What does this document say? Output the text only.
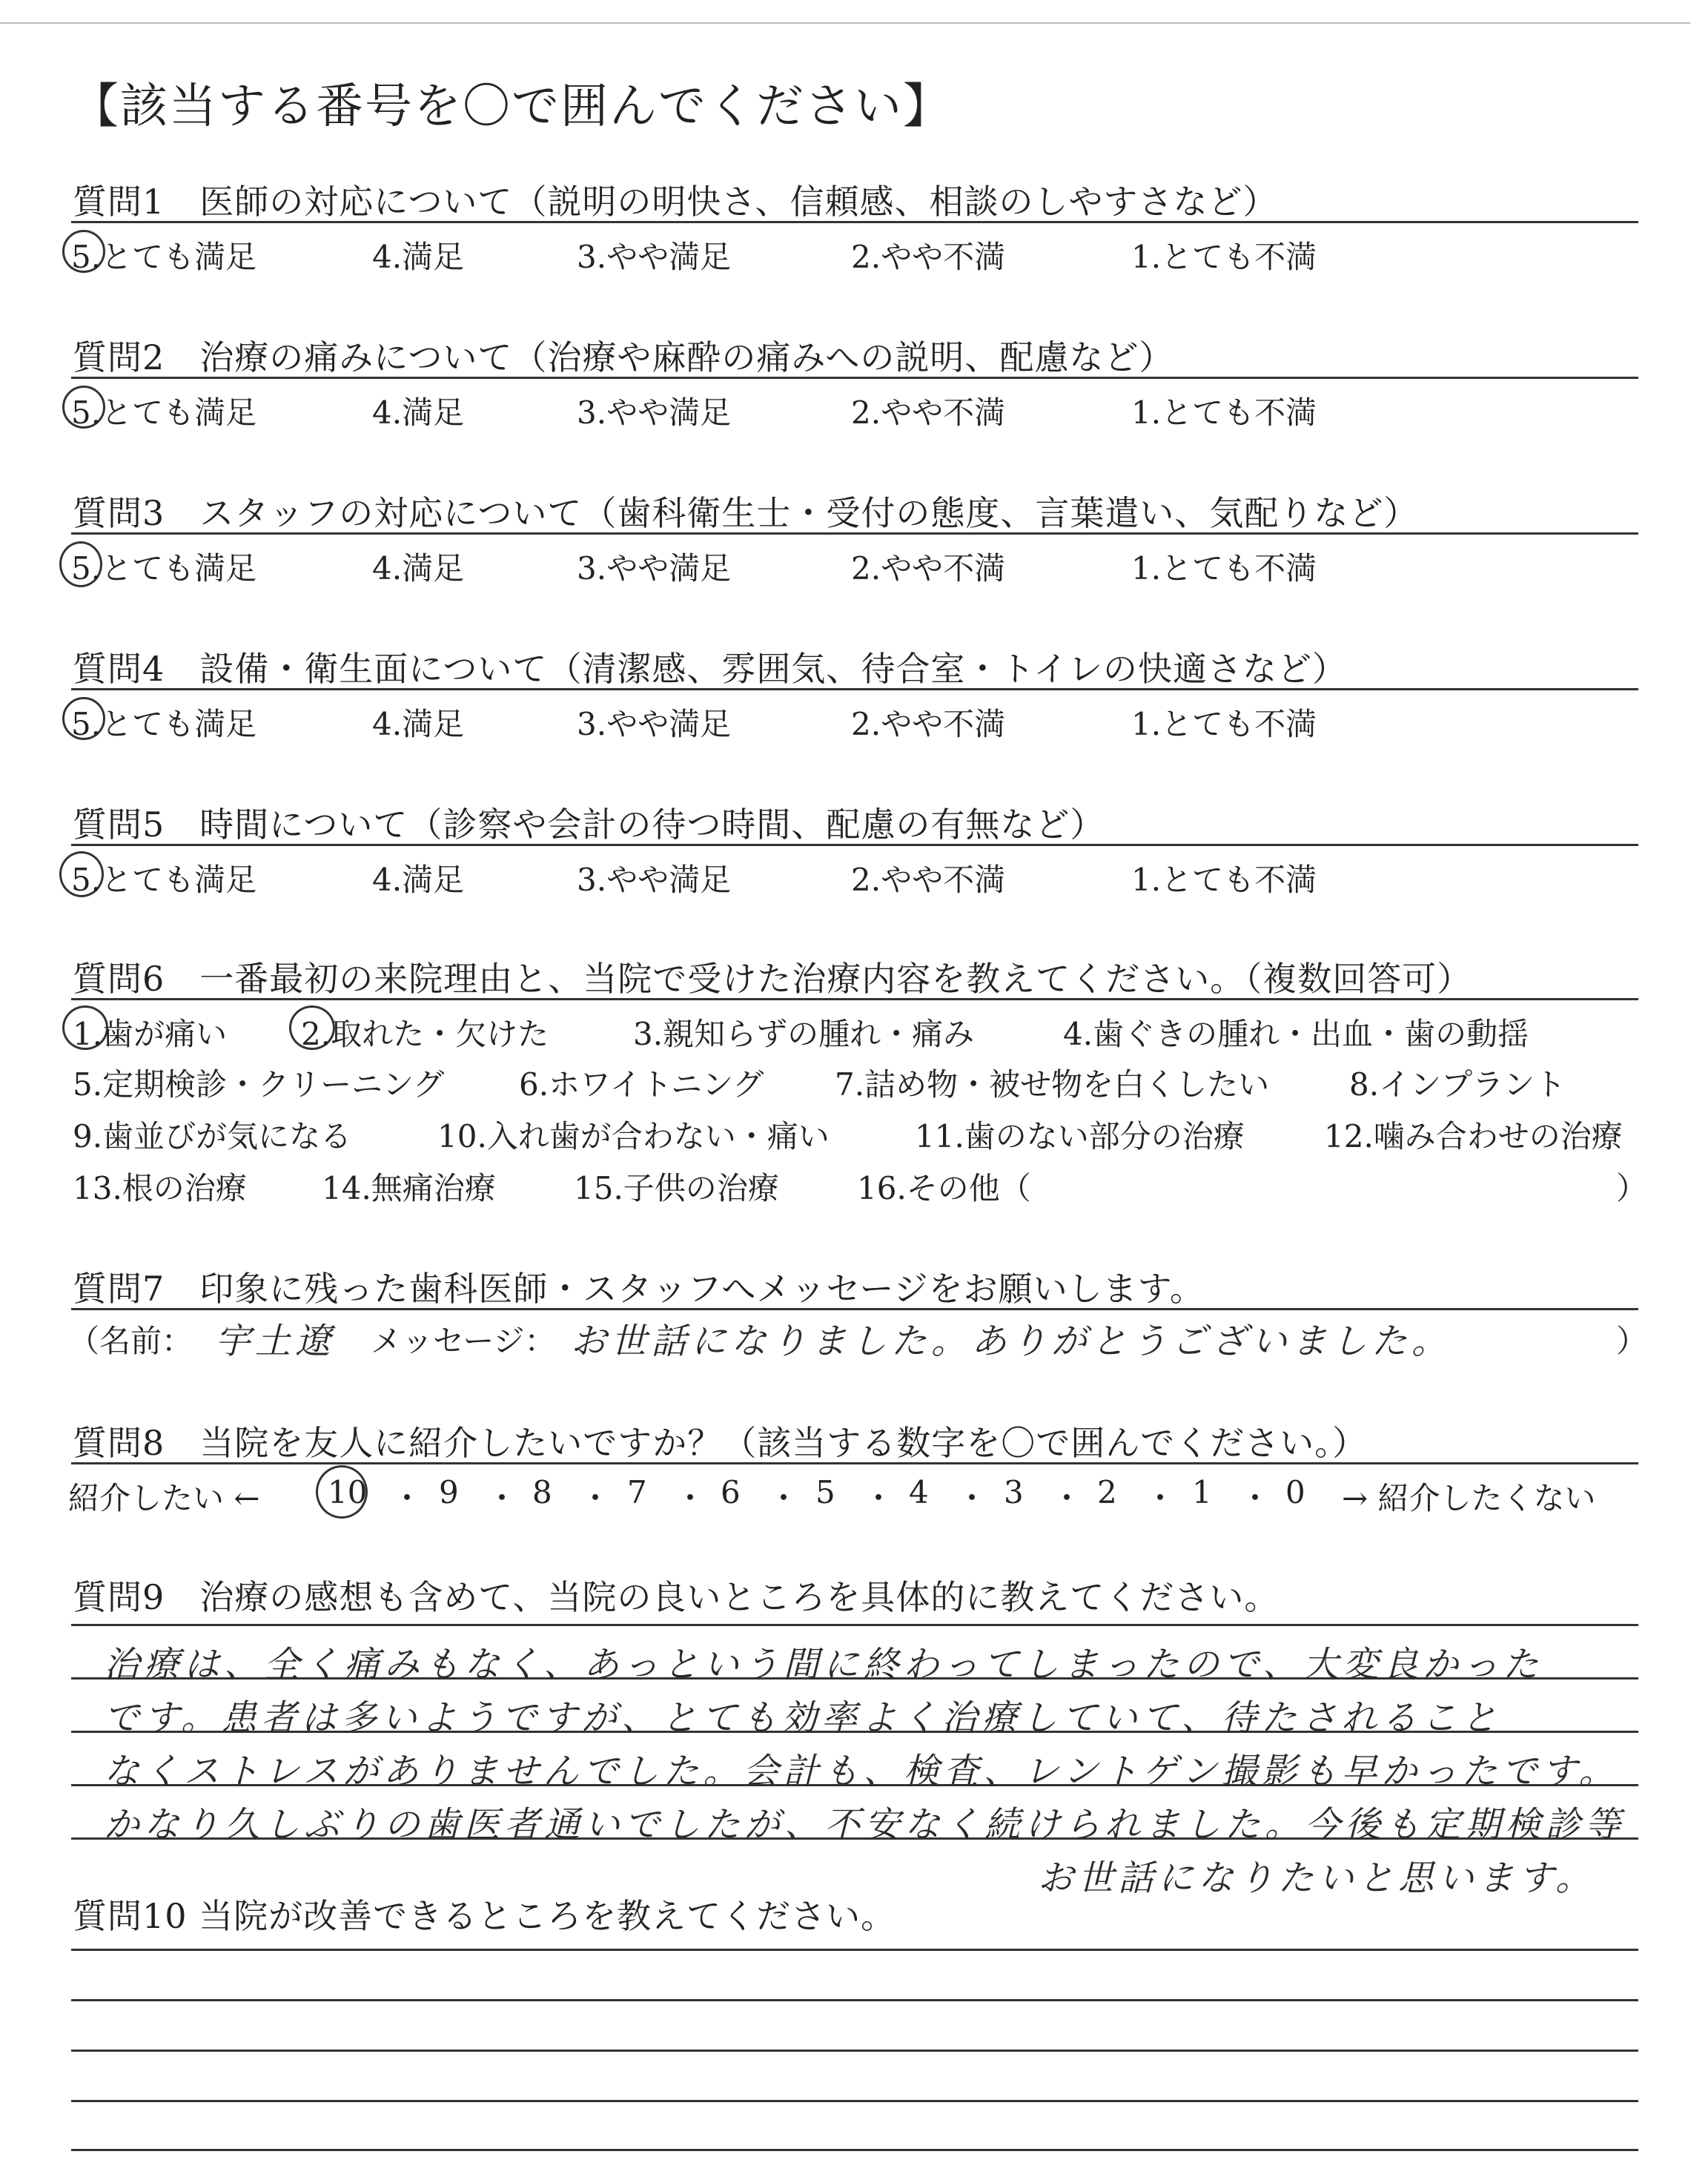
【該当する番号を〇で囲んでください】
質問1　医師の対応について（説明の明快さ、信頼感、相談のしやすさなど）
5.とても満足	4.満足	3.やや満足	2.やや不満	1.とても不満
質問2　治療の痛みについて（治療や麻酔の痛みへの説明、配慮など）
5.とても満足	4.満足	3.やや満足	2.やや不満	1.とても不満
質問3　スタッフの対応について（歯科衛生士・受付の態度、言葉遣い、気配りなど）
5.とても満足	4.満足	3.やや満足	2.やや不満	1.とても不満
質問4　設備・衛生面について（清潔感、雰囲気、待合室・トイレの快適さなど）
5.とても満足	4.満足	3.やや満足	2.やや不満	1.とても不満
質問5　時間について（診察や会計の待つ時間、配慮の有無など）
5.とても満足	4.満足	3.やや満足	2.やや不満	1.とても不満
質問6　一番最初の来院理由と、当院で受けた治療内容を教えてください。（複数回答可）
1.歯が痛い 2.取れた・欠けた	3.親知らずの腫れ・痛み	4.歯ぐきの腫れ・出血・歯の動揺
5.定期検診・クリーニング 6.ホワイトニング 7.詰め物・被せ物を白くしたい	8.インプラント
9.歯並びが気になる	10.入れ歯が合わない・痛い	11.歯のない部分の治療	12.噛み合わせの治療
13.根の治療 14.無痛治療	15.子供の治療	16.その他（	）
質問7　印象に残った歯科医師・スタッフへメッセージをお願いします。
（名前： 宇土遼 メッセージ： お世話になりました。ありがとうございました。	）
質問8　当院を友人に紹介したいですか？（該当する数字を〇で囲んでください。）
紹介したい ← 10 ・ 9 ・ 8 ・ 7 ・ 6 ・ 5 ・ 4 ・ 3 ・ 2 ・ 1 ・ 0 → 紹介したくない
質問9　治療の感想も含めて、当院の良いところを具体的に教えてください。
治療は、全く痛みもなく、あっという間に終わってしまったので、大変良かった
です。患者は多いようですが、とても効率よく治療していて、待たされること
なくストレスがありませんでした。会計も、検査、レントゲン撮影も早かったです。
かなり久しぶりの歯医者通いでしたが、不安なく続けられました。今後も定期検診等
お世話になりたいと思います。
質問10 当院が改善できるところを教えてください。
